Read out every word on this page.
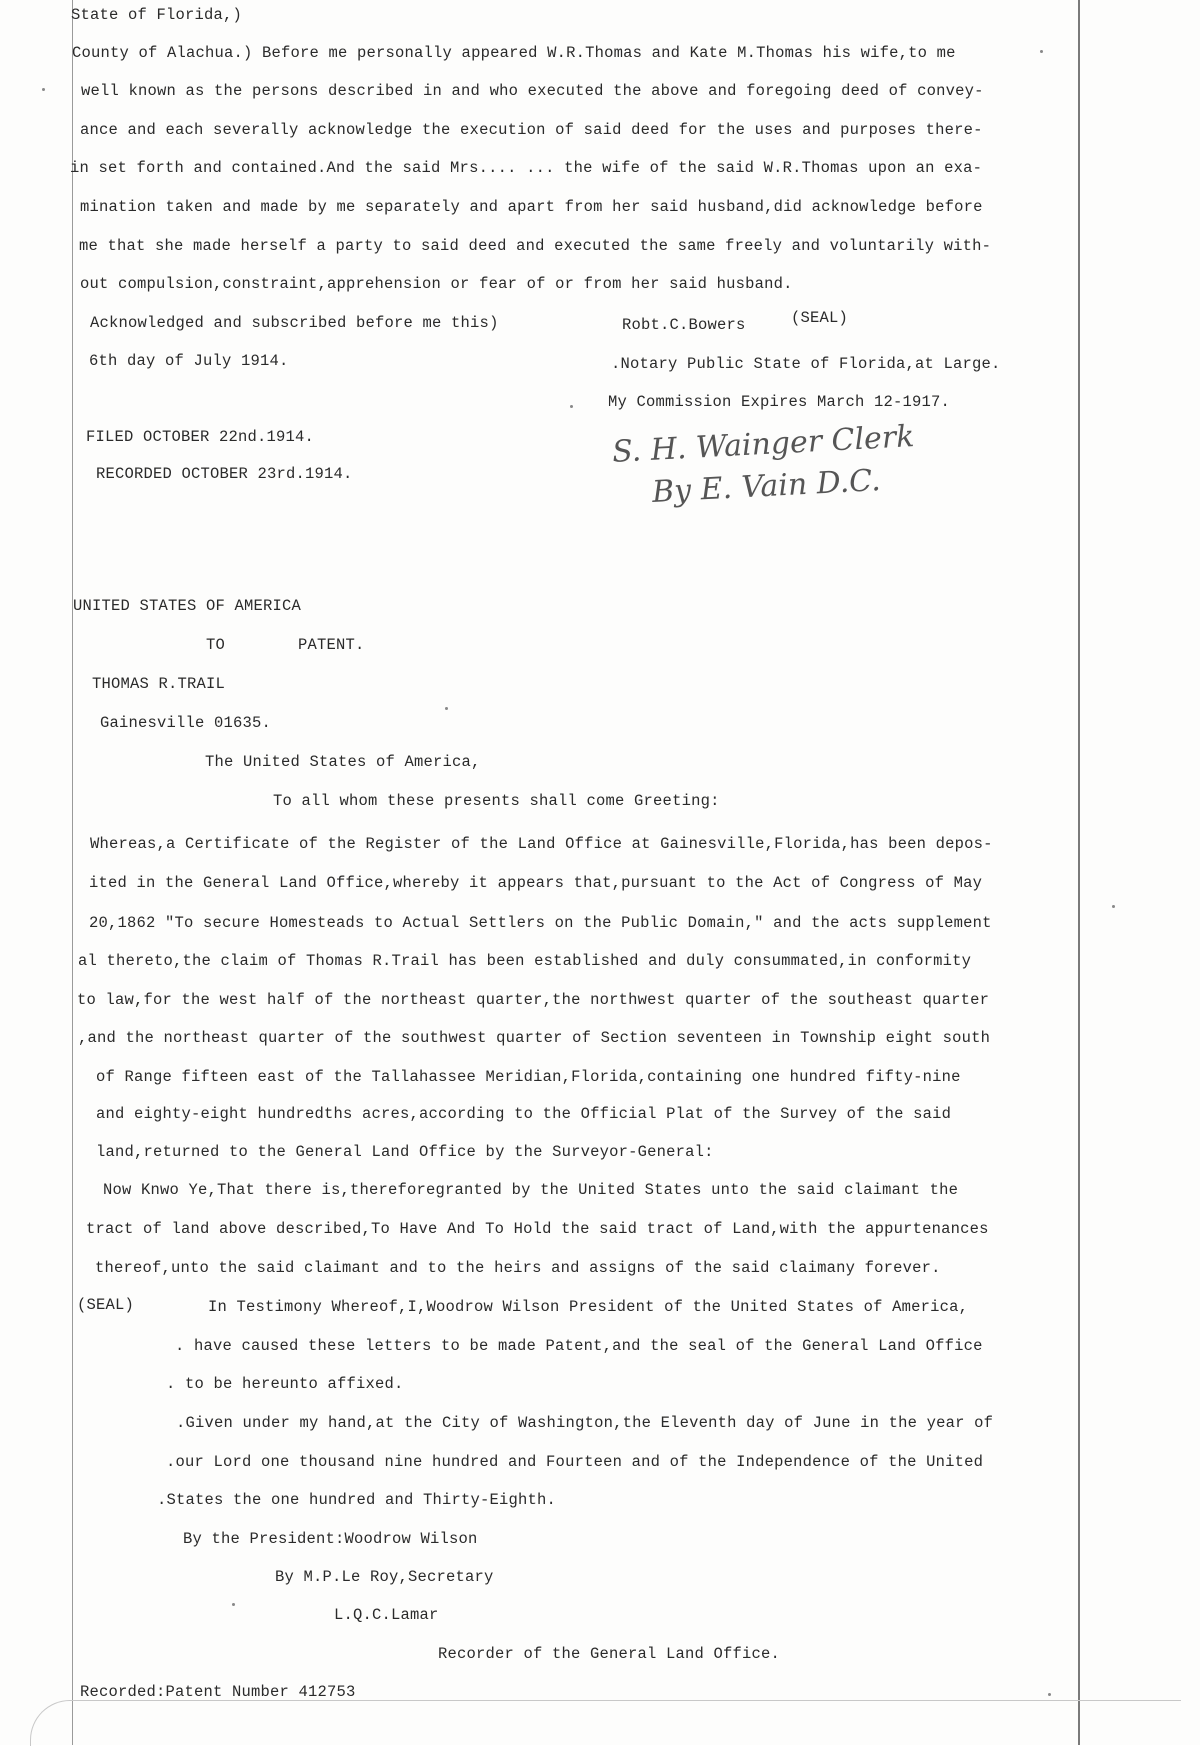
State of Florida,)
County of Alachua.) Before me personally appeared W.R.Thomas and Kate M.Thomas his wife,to me
well known as the persons described in and who executed the above and foregoing deed of convey-
ance and each severally acknowledge the execution of said deed for the uses and purposes there-
in set forth and contained.And the said Mrs.... ... the wife of the said W.R.Thomas upon an exa-
mination taken and made by me separately and apart from her said husband,did acknowledge before
me that she made herself a party to said deed and executed the same freely and voluntarily with-
out compulsion,constraint,apprehension or fear of or from her said husband.
Acknowledged and subscribed before me this)
6th day of July 1914.
Robt.C.Bowers	(SEAL)
.Notary Public State of Florida,at Large.
My Commission Expires March 12-1917.
FILED OCTOBER 22nd.1914.
RECORDED OCTOBER 23rd.1914.
S. H. Wainger Clerk
By E. Vain D.C.
UNITED STATES OF AMERICA
TO	PATENT.
THOMAS R.TRAIL
Gainesville 01635.
The United States of America,
To all whom these presents shall come Greeting:
Whereas,a Certificate of the Register of the Land Office at Gainesville,Florida,has been depos-
ited in the General Land Office,whereby it appears that,pursuant to the Act of Congress of May
20,1862 "To secure Homesteads to Actual Settlers on the Public Domain," and the acts supplement
al thereto,the claim of Thomas R.Trail has been established and duly consummated,in conformity
to law,for the west half of the northeast quarter,the northwest quarter of the southeast quarter
,and the northeast quarter of the southwest quarter of Section seventeen in Township eight south
of Range fifteen east of the Tallahassee Meridian,Florida,containing one hundred fifty-nine
and eighty-eight hundredths acres,according to the Official Plat of the Survey of the said
land,returned to the General Land Office by the Surveyor-General:
Now Knwo Ye,That there is,thereforegranted by the United States unto the said claimant the
tract of land above described,To Have And To Hold the said tract of Land,with the appurtenances
thereof,unto the said claimant and to the heirs and assigns of the said claimany forever.
(SEAL)	In Testimony Whereof,I,Woodrow Wilson President of the United States of America,
. have caused these letters to be made Patent,and the seal of the General Land Office
. to be hereunto affixed.
.Given under my hand,at the City of Washington,the Eleventh day of June in the year of
.our Lord one thousand nine hundred and Fourteen and of the Independence of the United
.States the one hundred and Thirty-Eighth.
By the President:Woodrow Wilson
By M.P.Le Roy,Secretary
L.Q.C.Lamar
Recorder of the General Land Office.
Recorded:Patent Number 412753
